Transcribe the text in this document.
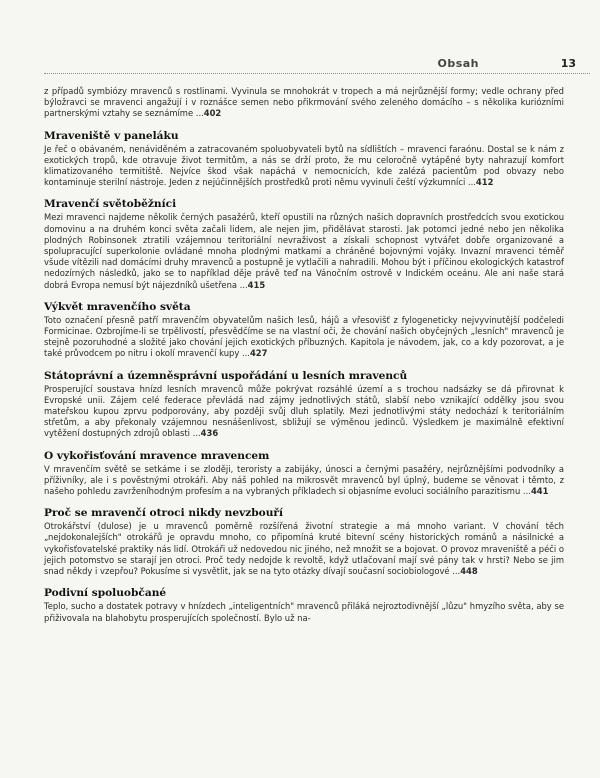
Obsah	13

z případů symbiózy mravenců s rostlinami. Vyvinula se mnohokrát v tropech a má nejrůznější formy; vedle ochrany před býložravci se mravenci angažují i v roznášce semen nebo přikrmování svého zeleného domácího – s několika kuriózními partnerskými vztahy se seznámíme ...402

Mraveniště v paneláku

Je řeč o obávaném, nenáviděném a zatracovaném spoluobyvateli bytů na sídlištích – mravenci faraónu. Dostal se k nám z exotických tropů, kde otravuje život termitům, a nás se drží proto, že mu celoročně vytápěné byty nahrazují komfort klimatizovaného termitiště. Nejvíce škod však napáchá v nemocnicích, kde zalézá pacientům pod obvazy nebo kontaminuje sterilní nástroje. Jeden z nejúčinnějších prostředků proti němu vyvinuli čeští výzkumníci ...412

Mravenčí světoběžníci

Mezi mravenci najdeme několik černých pasažérů, kteří opustili na různých našich dopravních prostředcích svou exotickou domovinu a na druhém konci světa začali lidem, ale nejen jim, přidělávat starosti. Jak potomci jedné nebo jen několika plodných Robinsonek ztratili vzájemnou teritoriální nevraživost a získali schopnost vytvářet dobře organizované a spolupracující superkolonie ovládané mnoha plodnými matkami a chráněné bojovnými vojáky. Invazní mravenci téměř všude vítězili nad domácími druhy mravenců a postupně je vytlačili a nahradili. Mohou být i příčinou ekologických katastrof nedozírných následků, jako se to například děje právě teď na Vánočním ostrově v Indickém oceánu. Ale ani naše stará dobrá Evropa nemusí být nájezdníků ušetřena ...415

Výkvět mravenčího světa

Toto označení přesně patří mravenčím obyvatelům našich lesů, hájů a vřesovišť z fylogeneticky nejvyvinutější podčeledi Formicinae. Ozbrojíme-li se trpělivostí, přesvědčíme se na vlastní oči, že chování našich obyčejných „lesních" mravenců je stejně pozoruhodné a složité jako chování jejich exotických příbuzných. Kapitola je návodem, jak, co a kdy pozorovat, a je také průvodcem po nitru i okolí mravenčí kupy ...427

Státoprávní a územněsprávní uspořádání u lesních mravenců

Prosperující soustava hnízd lesních mravenců může pokrývat rozsáhlé území a s trochou nadsázky se dá přirovnat k Evropské unii. Zájem celé federace převládá nad zájmy jednotlivých států, slabší nebo vznikající oddělky jsou svou mateřskou kupou zprvu podporovány, aby později svůj dluh splatily. Mezi jednotlivými státy nedochází k teritoriálním střetům, a aby překonaly vzájemnou nesnášenlivost, sbližují se výměnou jedinců. Výsledkem je maximálně efektivní vytěžení dostupných zdrojů oblasti ...436

O vykořisťování mravence mravencem

V mravenčím světě se setkáme i se zloději, teroristy a zabijáky, únosci a černými pasažéry, nejrůznějšími podvodníky a příživníky, ale i s pověstnými otrokáři. Aby náš pohled na mikrosvět mravenců byl úplný, budeme se věnovat i těmto, z našeho pohledu zavrženíhodným profesím a na vybraných příkladech si objasníme evoluci sociálního parazitismu ...441

Proč se mravenčí otroci nikdy nevzbouří

Otrokářství (dulose) je u mravenců poměrně rozšířená životní strategie a má mnoho variant. V chování těch „nejdokonalejších" otrokářů je opravdu mnoho, co připomíná kruté bitevní scény historických románů a násilnické a vykořisťovatelské praktiky nás lidí. Otrokáři už nedovedou nic jiného, než množit se a bojovat. O provoz mraveniště a péči o jejich potomstvo se starají jen otroci. Proč tedy nedojde k revoltě, když utlačovaní mají své pány tak v hrsti? Nebo se jim snad někdy i vzepřou? Pokusíme si vysvětlit, jak se na tyto otázky dívají současní sociobiologové ...448

Podivní spoluobčané

Teplo, sucho a dostatek potravy v hnízdech „inteligentních" mravenců přiláká nejroztodivnější „lůzu" hmyzího světa, aby se přiživovala na blahobytu prosperujících společností. Bylo už na-
